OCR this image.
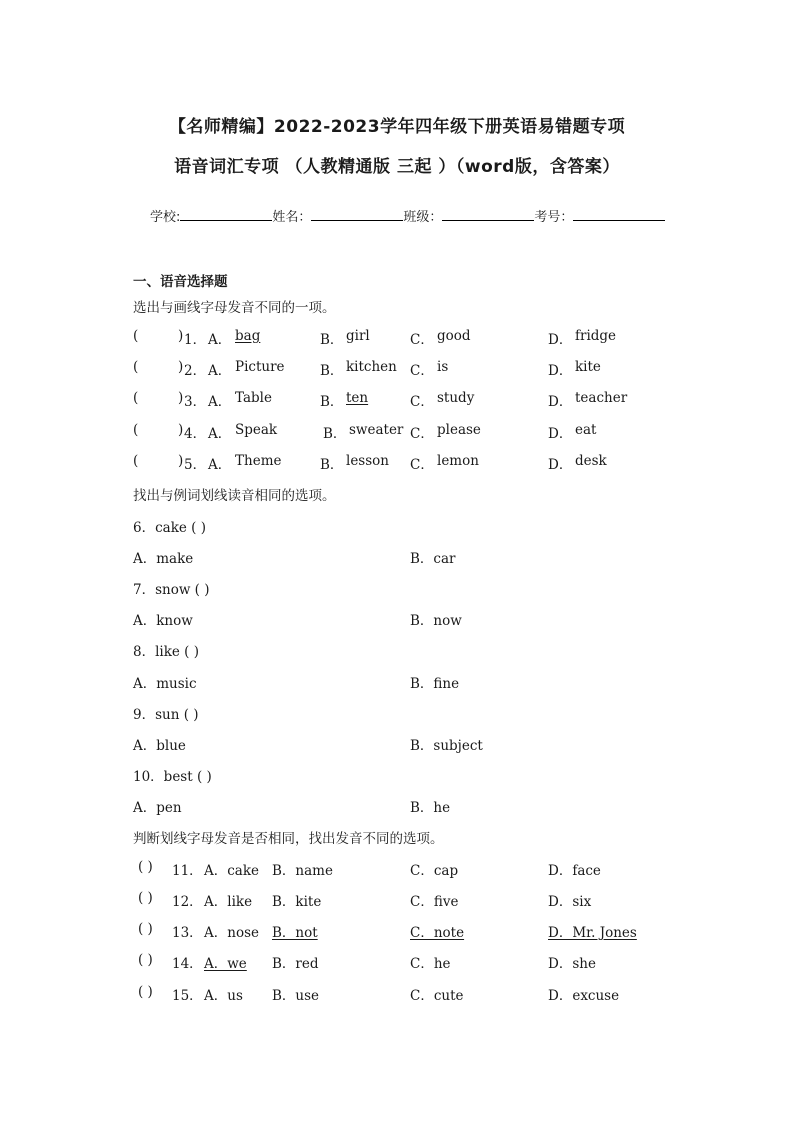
【名师精编】2022-2023学年四年级下册英语易错题专项
语音词汇专项 （人教精通版 三起 ）（word版，含答案）
学校:	姓名：	班级：	考号：
一、语音选择题
选出与画线字母发音不同的一项。
(	) 1． A． bag	B． girl	C． good	D． fridge
(	) 2． A． Picture	B． kitchen C． is	D． kite
(	) 3． A． Table	B． ten	C． study	D． teacher
(	) 4． A． Speak	B． sweater C． please	D． eat
(	) 5． A． Theme	B． lesson C． lemon	D． desk
找出与例词划线读音相同的选项。
6．cake ( )
A．make	B．car
7．snow ( )
A．know	B．now
8．like ( )
A．music	B．fine
9．sun ( )
A．blue	B．subject
10．best ( )
A．pen	B．he
判断划线字母发音是否相同，找出发音不同的选项。
( ) 11． A．cake B．name	C．cap	D．face
( ) 12． A．like B．kite	C．five	D．six
( ) 13． A．nose B．not	C．note	D．Mr. Jones
( ) 14． A．we B．red	C．he	D．she
( ) 15． A．us B．use	C．cute	D．excuse
